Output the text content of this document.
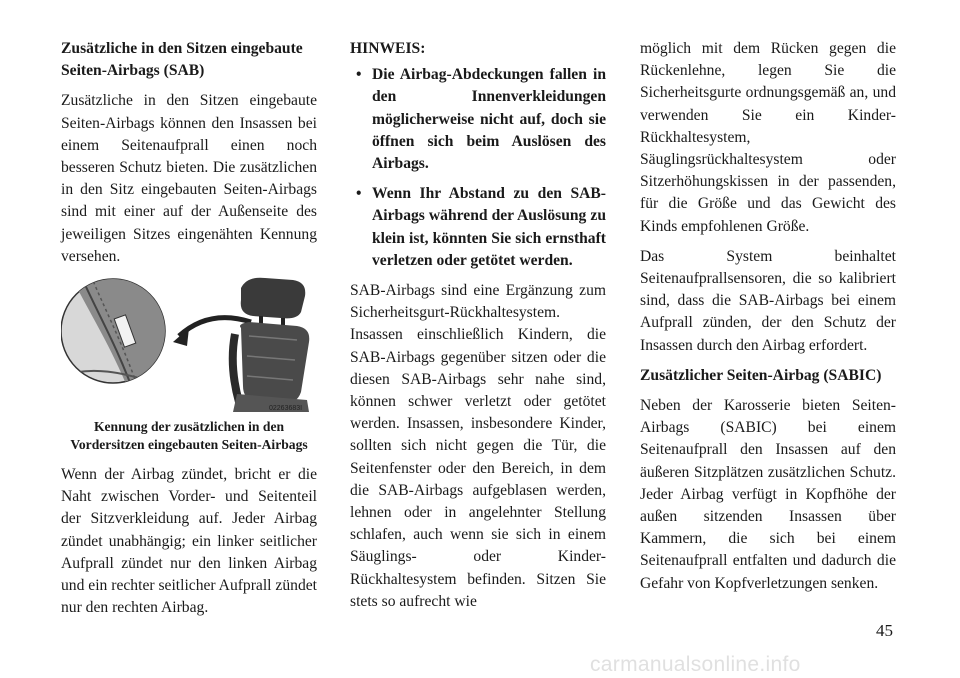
Zusätzliche in den Sitzen eingebaute Seiten-Airbags (SAB)

Zusätzliche in den Sitzen eingebaute Seiten-Airbags können den Insassen bei einem Seitenaufprall einen noch besseren Schutz bieten. Die zusätzlichen in den Sitz eingebauten Seiten-Airbags sind mit einer auf der Außenseite des jeweiligen Sitzes eingenähten Kennung versehen.

02263683I
Kennung der zusätzlichen in den Vordersitzen eingebauten Seiten-Airbags

Wenn der Airbag zündet, bricht er die Naht zwischen Vorder- und Seitenteil der Sitzverkleidung auf. Jeder Airbag zündet unabhängig; ein linker seitlicher Aufprall zündet nur den linken Airbag und ein rechter seitlicher Aufprall zündet nur den rechten Airbag.

HINWEIS:
• Die Airbag-Abdeckungen fallen in den Innenverkleidungen möglicherweise nicht auf, doch sie öffnen sich beim Auslösen des Airbags.
• Wenn Ihr Abstand zu den SAB-Airbags während der Auslösung zu klein ist, könnten Sie sich ernsthaft verletzen oder getötet werden.

SAB-Airbags sind eine Ergänzung zum Sicherheitsgurt-Rückhaltesystem. Insassen einschließlich Kindern, die SAB-Airbags gegenüber sitzen oder die diesen SAB-Airbags sehr nahe sind, können schwer verletzt oder getötet werden. Insassen, insbesondere Kinder, sollten sich nicht gegen die Tür, die Seitenfenster oder den Bereich, in dem die SAB-Airbags aufgeblasen werden, lehnen oder in angelehnter Stellung schlafen, auch wenn sie sich in einem Säuglings- oder Kinder-Rückhaltesystem befinden. Sitzen Sie stets so aufrecht wie

möglich mit dem Rücken gegen die Rückenlehne, legen Sie die Sicherheitsgurte ordnungsgemäß an, und verwenden Sie ein Kinder-Rückhaltesystem, Säuglingsrückhaltesystem oder Sitzerhöhungskissen in der passenden, für die Größe und das Gewicht des Kinds empfohlenen Größe.

Das System beinhaltet Seitenaufprallsensoren, die so kalibriert sind, dass die SAB-Airbags bei einem Aufprall zünden, der den Schutz der Insassen durch den Airbag erfordert.

Zusätzlicher Seiten-Airbag (SABIC)

Neben der Karosserie bieten Seiten-Airbags (SABIC) bei einem Seitenaufprall den Insassen auf den äußeren Sitzplätzen zusätzlichen Schutz. Jeder Airbag verfügt in Kopfhöhe der außen sitzenden Insassen über Kammern, die sich bei einem Seitenaufprall entfalten und dadurch die Gefahr von Kopfverletzungen senken.

45
carmanualsonline.info
